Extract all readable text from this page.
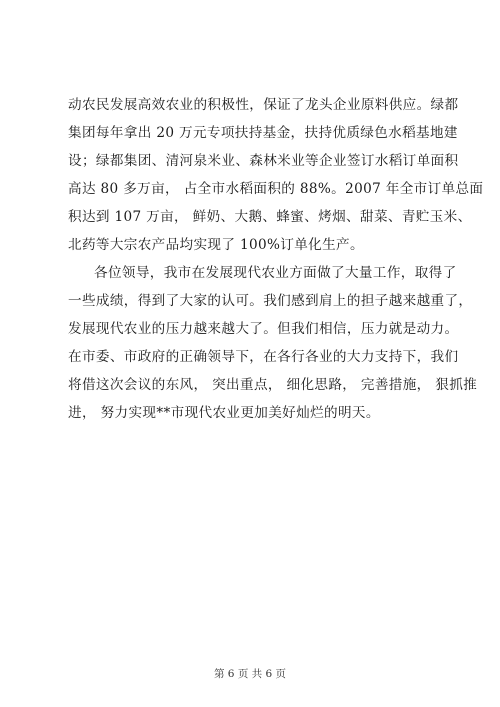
动农民发展高效农业的积极性，保证了龙头企业原料供应。绿都
集团每年拿出 20 万元专项扶持基金，扶持优质绿色水稻基地建
设；绿都集团、清河泉米业、森林米业等企业签订水稻订单面积
高达 80 多万亩， 占全市水稻面积的 88%。2007 年全市订单总面
积达到 107 万亩， 鲜奶、大鹅、蜂蜜、烤烟、甜菜、青贮玉米、
北药等大宗农产品均实现了 100%订单化生产。
各位领导，我市在发展现代农业方面做了大量工作，取得了
一些成绩，得到了大家的认可。我们感到肩上的担子越来越重了，
发展现代农业的压力越来越大了。但我们相信，压力就是动力。
在市委、市政府的正确领导下，在各行各业的大力支持下，我们
将借这次会议的东风， 突出重点， 细化思路， 完善措施， 狠抓推
进， 努力实现**市现代农业更加美好灿烂的明天。
第 6 页 共 6 页
